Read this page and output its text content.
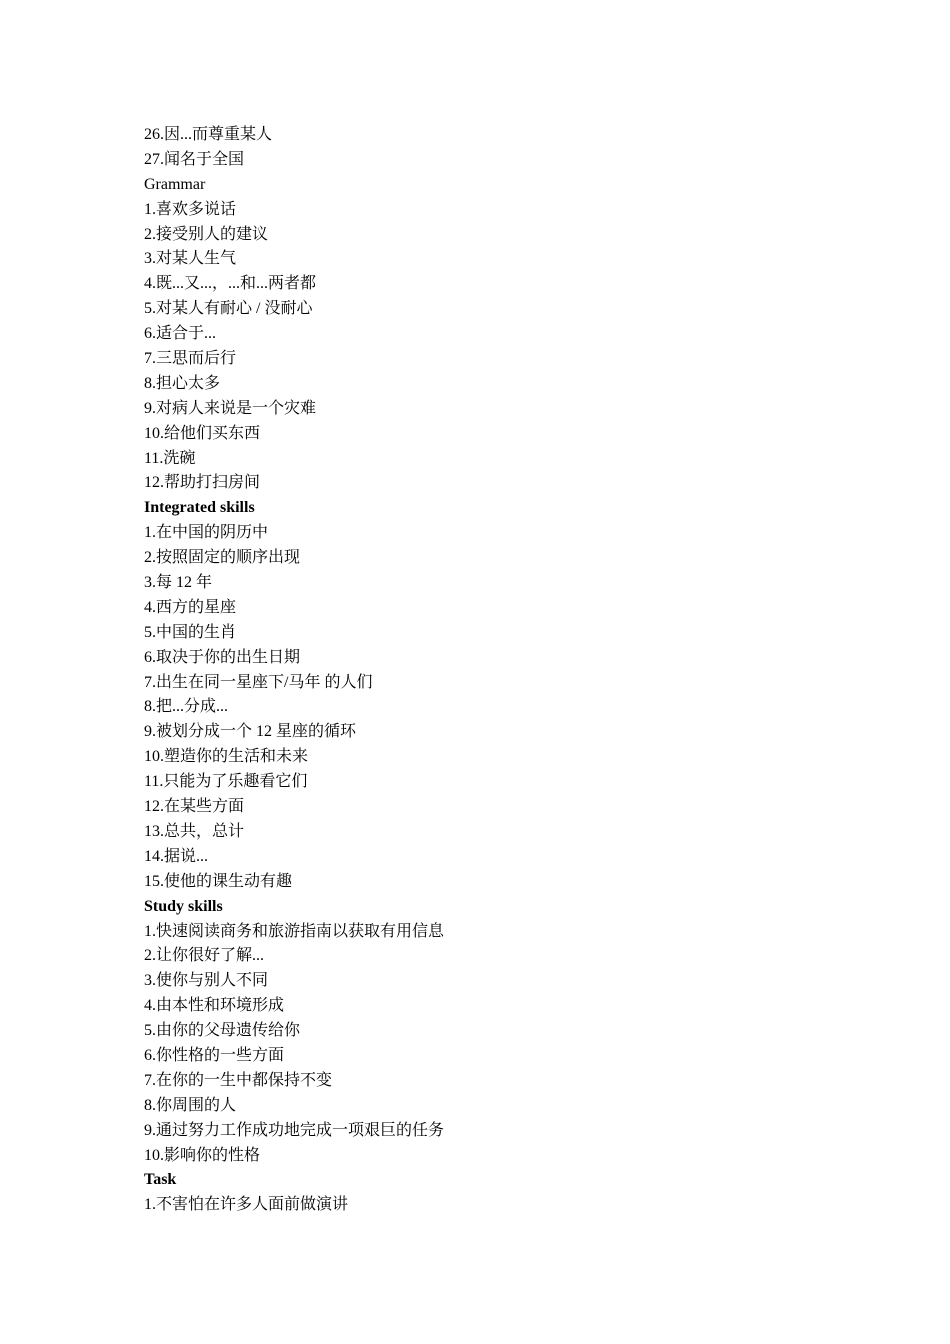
26.因...而尊重某人
27.闻名于全国
Grammar
1.喜欢多说话
2.接受别人的建议
3.对某人生气
4.既...又...，...和...两者都
5.对某人有耐心 / 没耐心
6.适合于...
7.三思而后行
8.担心太多
9.对病人来说是一个灾难
10.给他们买东西
11.洗碗
12.帮助打扫房间
Integrated skills
1.在中国的阴历中
2.按照固定的顺序出现
3.每 12 年
4.西方的星座
5.中国的生肖
6.取决于你的出生日期
7.出生在同一星座下/马年 的人们
8.把...分成...
9.被划分成一个 12 星座的循环
10.塑造你的生活和未来
11.只能为了乐趣看它们
12.在某些方面
13.总共，总计
14.据说...
15.使他的课生动有趣
Study skills
1.快速阅读商务和旅游指南以获取有用信息
2.让你很好了解...
3.使你与别人不同
4.由本性和环境形成
5.由你的父母遗传给你
6.你性格的一些方面
7.在你的一生中都保持不变
8.你周围的人
9.通过努力工作成功地完成一项艰巨的任务
10.影响你的性格
Task
1.不害怕在许多人面前做演讲
